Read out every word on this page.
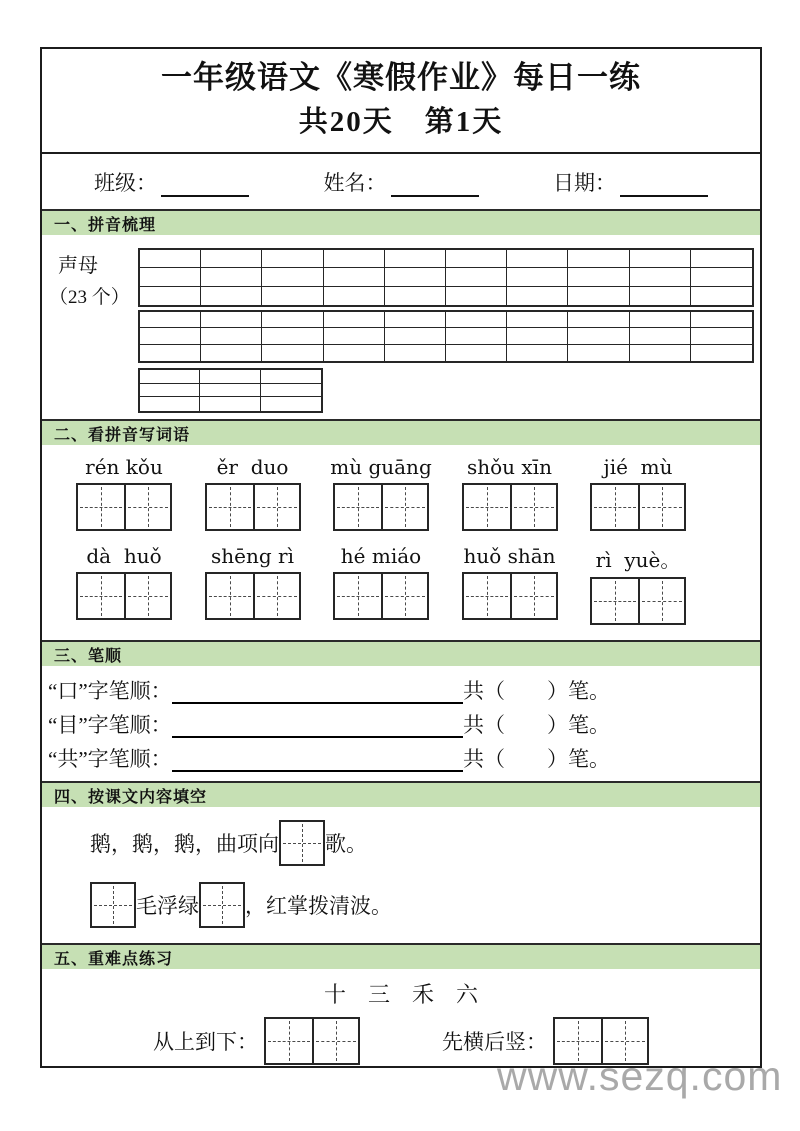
一年级语文《寒假作业》每日一练
共20天　第1天
班级：	姓名：	日期：
一、拼音梳理
声母
（23 个）
二、看拼音写词语
rén kǒu	ěr  duo mù guāng shǒu xīn	jié  mù
dà  huǒ shēng rì hé miáo huǒ shān rì  yuè。
三、笔顺
“口”字笔顺：	共（　　）笔。
“目”字笔顺：	共（　　）笔。
“共”字笔顺：	共（　　）笔。
四、按课文内容填空
鹅，鹅，鹅，曲项向 歌。
毛浮绿 ，红掌拨清波。
五、重难点练习
十　三　禾　六
从上到下：	先横后竖：
www.sezq.com
